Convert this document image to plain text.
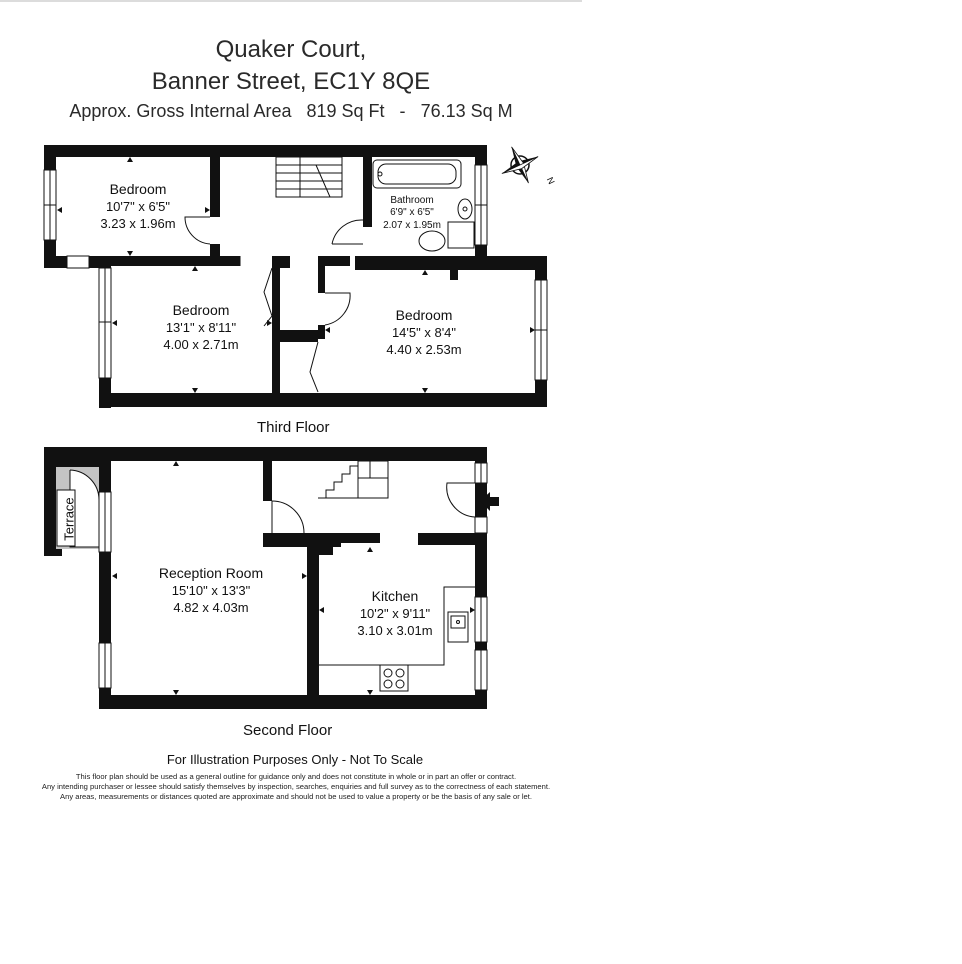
Quaker Court,
Banner Street, EC1Y 8QE
Approx. Gross Internal Area 819 Sq Ft - 76.13 Sq M
N
Bedroom
10'7" x 6'5"
3.23 x 1.96m
Bathroom
6'9" x 6'5"
2.07 x 1.95m
Bedroom
13'1" x 8'11"
4.00 x 2.71m
Bedroom
14'5" x 8'4"
4.40 x 2.53m
Terrace
Reception Room
15'10" x 13'3"
4.82 x 4.03m
Kitchen
10'2" x 9'11"
3.10 x 3.01m
Third Floor
Second Floor
For Illustration Purposes Only - Not To Scale
This floor plan should be used as a general outline for guidance only and does not constitute in whole or in part an offer or contract.
Any intending purchaser or lessee should satisfy themselves by inspection, searches, enquiries and full survey as to the correctness of each statement.
Any areas, measurements or distances quoted are approximate and should not be used to value a property or be the basis of any sale or let.
